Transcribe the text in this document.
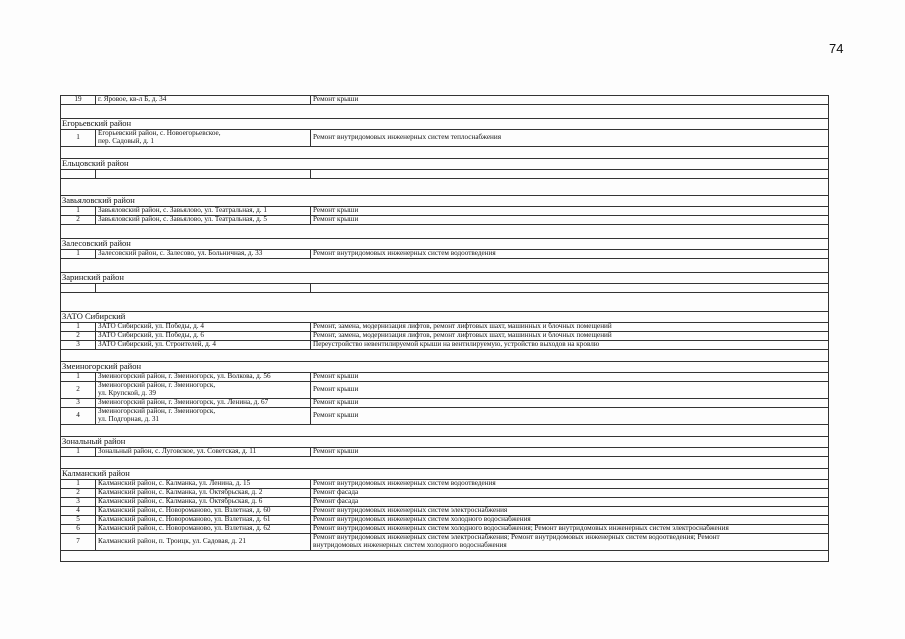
74
19	г. Яровое, кв-л Б, д. 34	Ремонт крыши
Егорьевский район
1	Егорьевский район, с. Новоегорьевское,
пер. Садовый, д. 1	Ремонт внутридомовых инженерных систем теплоснабжения
Ельцовский район
Завьяловский район
1	Завьяловский район, с. Завьялово, ул. Театральная, д. 1	Ремонт крыши
2	Завьяловский район, с. Завьялово, ул. Театральная, д. 5	Ремонт крыши
Залесовский район
1	Залесовский район, с. Залесово, ул. Больничная, д. 33	Ремонт внутридомовых инженерных систем водоотведения
Заринский район
ЗАТО Сибирский
1	ЗАТО Сибирский, ул. Победы, д. 4	Ремонт, замена, модернизация лифтов, ремонт лифтовых шахт, машинных и блочных помещений
2	ЗАТО Сибирский, ул. Победы, д. 6	Ремонт, замена, модернизация лифтов, ремонт лифтовых шахт, машинных и блочных помещений
3	ЗАТО Сибирский, ул. Строителей, д. 4	Переустройство невентилируемой крыши на вентилируемую, устройство выходов на кровлю
Змеиногорский район
1	Змеиногорский район, г. Змеиногорск, ул. Волкова, д. 56	Ремонт крыши
2	Змеиногорский район, г. Змеиногорск,
ул. Крупской, д. 39	Ремонт крыши
3	Змеиногорский район, г. Змеиногорск, ул. Ленина, д. 67	Ремонт крыши
4	Змеиногорский район, г. Змеиногорск,
ул. Подгорная, д. 31	Ремонт крыши
Зональный район
1	Зональный район, с. Луговское, ул. Советская, д. 11	Ремонт крыши
Калманский район
1	Калманский район, с. Калманка, ул. Ленина, д. 15	Ремонт внутридомовых инженерных систем водоотведения
2	Калманский район, с. Калманка, ул. Октябрьская, д. 2	Ремонт фасада
3	Калманский район, с. Калманка, ул. Октябрьская, д. 6	Ремонт фасада
4	Калманский район, с. Новороманово, ул. Взлетная, д. 60	Ремонт внутридомовых инженерных систем электроснабжения
5	Калманский район, с. Новороманово, ул. Взлетная, д. 61	Ремонт внутридомовых инженерных систем холодного водоснабжения
6	Калманский район, с. Новороманово, ул. Взлетная, д. 62	Ремонт внутридомовых инженерных систем холодного водоснабжения; Ремонт внутридомовых инженерных систем электроснабжения
7	Калманский район, п. Троицк, ул. Садовая, д. 21	Ремонт внутридомовых инженерных систем электроснабжения; Ремонт внутридомовых инженерных систем водоотведения; Ремонт
внутридомовых инженерных систем холодного водоснабжения
